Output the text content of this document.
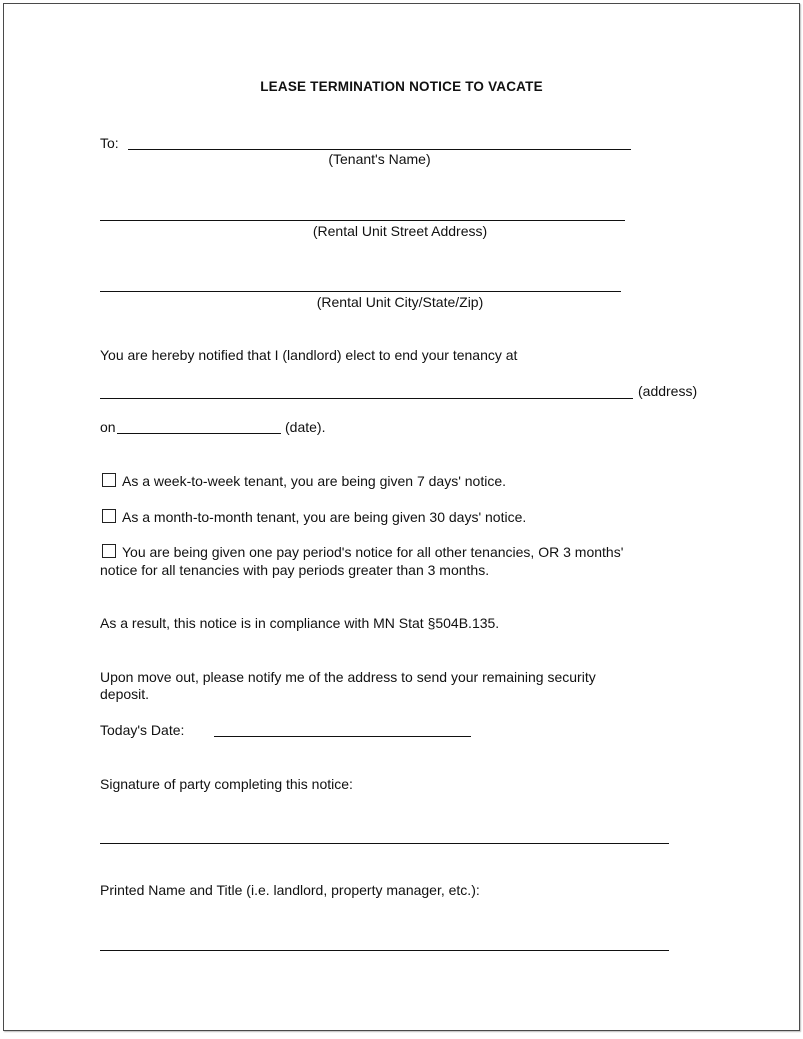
LEASE TERMINATION NOTICE TO VACATE
To:
(Tenant's Name)
(Rental Unit Street Address)
(Rental Unit City/State/Zip)
You are hereby notified that I (landlord) elect to end your tenancy at
(address)
on	(date).
As a week-to-week tenant, you are being given 7 days' notice.
As a month-to-month tenant, you are being given 30 days' notice.
You are being given one pay period's notice for all other tenancies, OR 3 months'
notice for all tenancies with pay periods greater than 3 months.
As a result, this notice is in compliance with MN Stat §504B.135.
Upon move out, please notify me of the address to send your remaining security
deposit.
Today's Date:
Signature of party completing this notice:
Printed Name and Title (i.e. landlord, property manager, etc.):
